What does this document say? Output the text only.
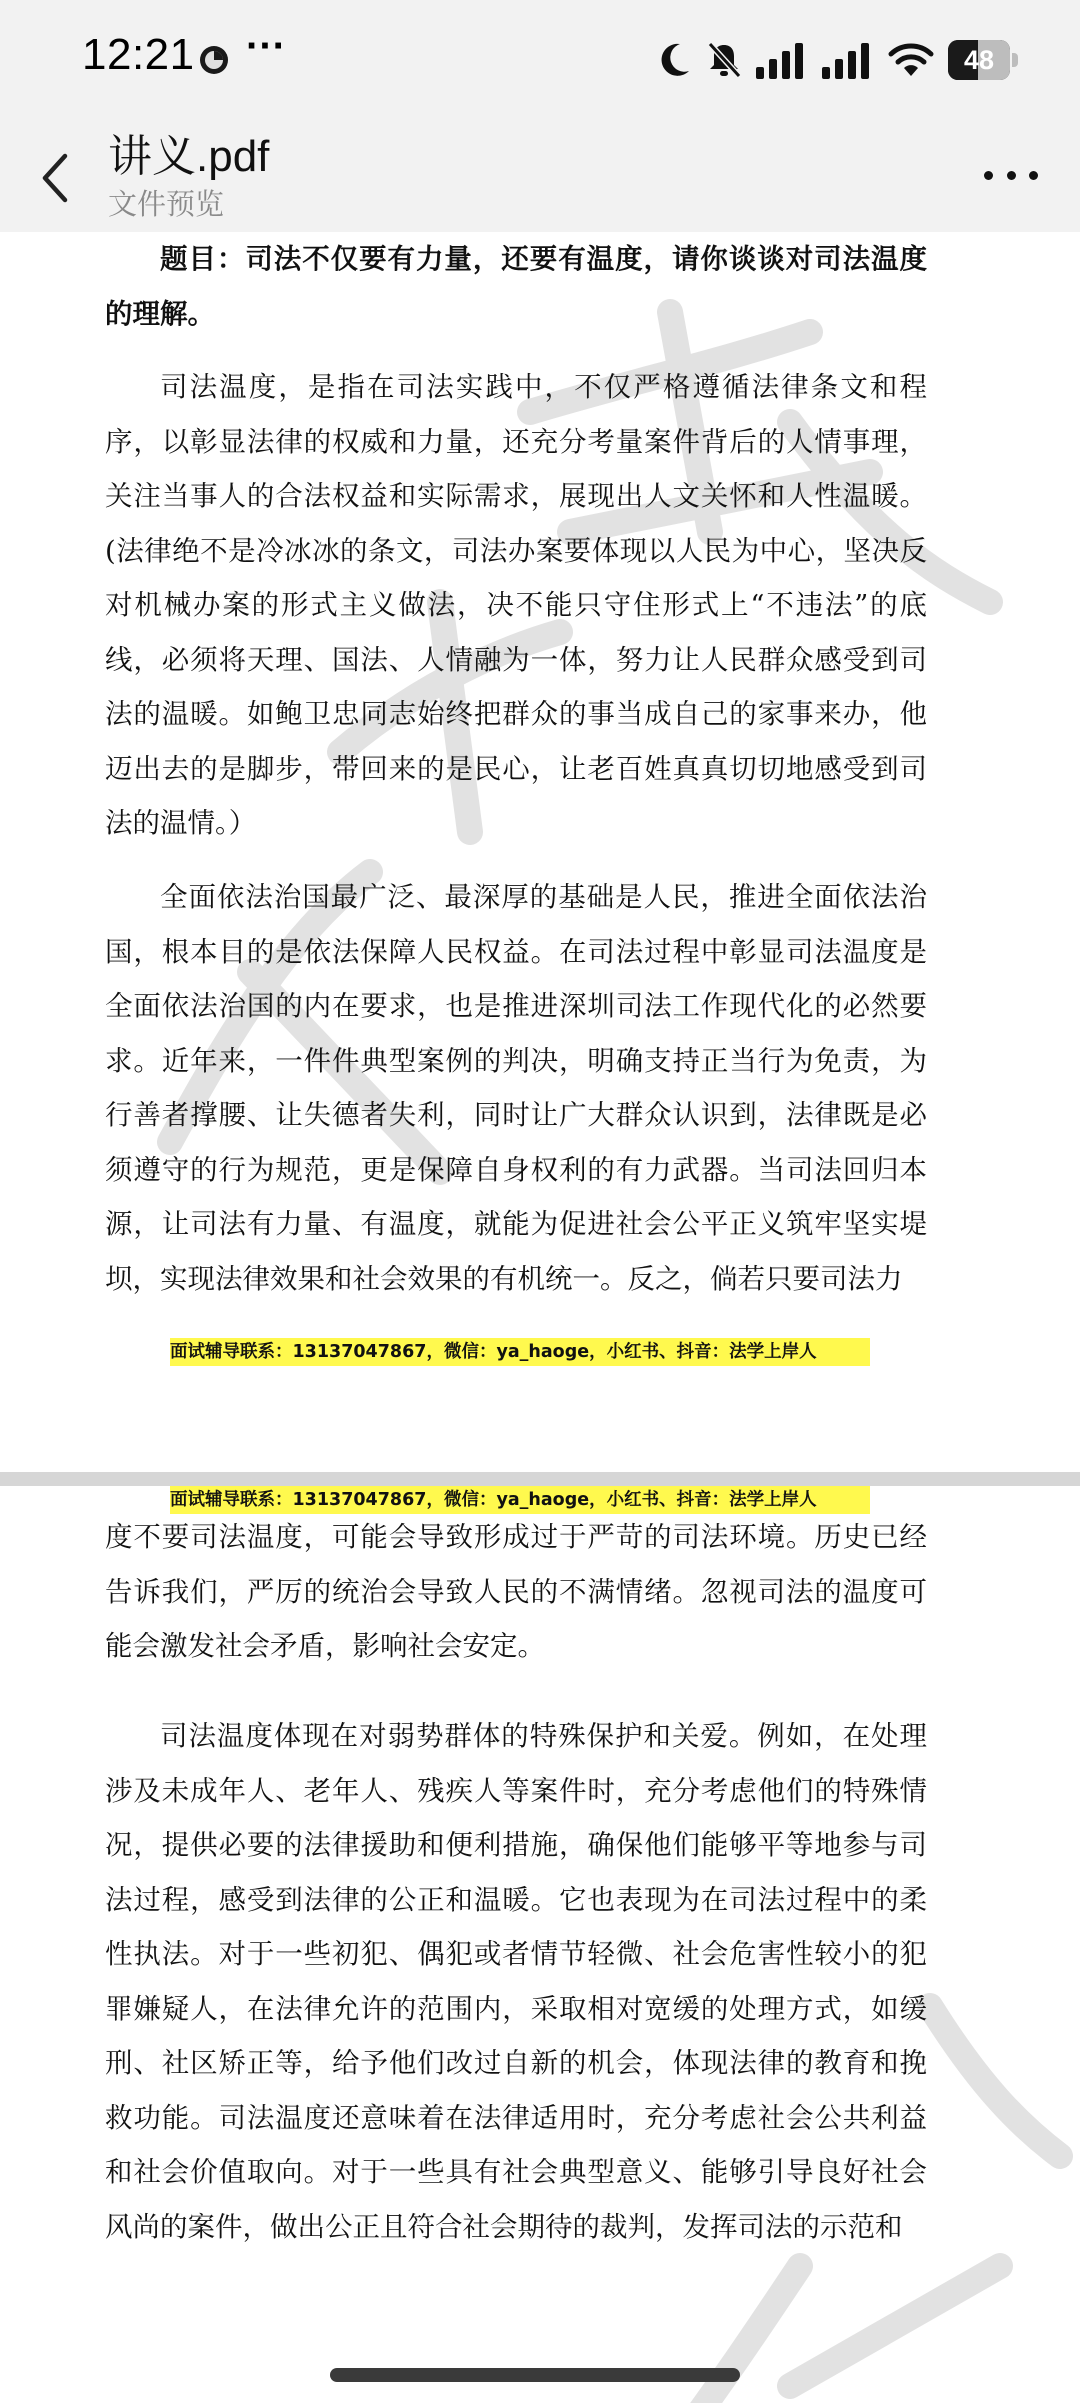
12:21 ···	48
讲义.pdf
文件预览
题目：司法不仅要有力量，还要有温度，请你谈谈对司法温度的理解。
司法温度，是指在司法实践中，不仅严格遵循法律条文和程序，以彰显法律的权威和力量，还充分考量案件背后的人情事理，关注当事人的合法权益和实际需求，展现出人文关怀和人性温暖。(法律绝不是冷冰冰的条文，司法办案要体现以人民为中心，坚决反对机械办案的形式主义做法，决不能只守住形式上“不违法”的底线，必须将天理、国法、人情融为一体，努力让人民群众感受到司法的温暖。如鲍卫忠同志始终把群众的事当成自己的家事来办，他迈出去的是脚步，带回来的是民心，让老百姓真真切切地感受到司法的温情。）
全面依法治国最广泛、最深厚的基础是人民，推进全面依法治国，根本目的是依法保障人民权益。在司法过程中彰显司法温度是全面依法治国的内在要求，也是推进深圳司法工作现代化的必然要求。近年来，一件件典型案例的判决，明确支持正当行为免责，为行善者撑腰、让失德者失利，同时让广大群众认识到，法律既是必须遵守的行为规范，更是保障自身权利的有力武器。当司法回归本源，让司法有力量、有温度，就能为促进社会公平正义筑牢坚实堤坝，实现法律效果和社会效果的有机统一。反之，倘若只要司法力
面试辅导联系：13137047867，微信：ya_haoge，小红书、抖音：法学上岸人
面试辅导联系：13137047867，微信：ya_haoge，小红书、抖音：法学上岸人
度不要司法温度，可能会导致形成过于严苛的司法环境。历史已经告诉我们，严厉的统治会导致人民的不满情绪。忽视司法的温度可能会激发社会矛盾，影响社会安定。
司法温度体现在对弱势群体的特殊保护和关爱。例如，在处理涉及未成年人、老年人、残疾人等案件时，充分考虑他们的特殊情况，提供必要的法律援助和便利措施，确保他们能够平等地参与司法过程，感受到法律的公正和温暖。它也表现为在司法过程中的柔性执法。对于一些初犯、偶犯或者情节轻微、社会危害性较小的犯罪嫌疑人，在法律允许的范围内，采取相对宽缓的处理方式，如缓刑、社区矫正等，给予他们改过自新的机会，体现法律的教育和挽救功能。司法温度还意味着在法律适用时，充分考虑社会公共利益和社会价值取向。对于一些具有社会典型意义、能够引导良好社会风尚的案件，做出公正且符合社会期待的裁判，发挥司法的示范和
